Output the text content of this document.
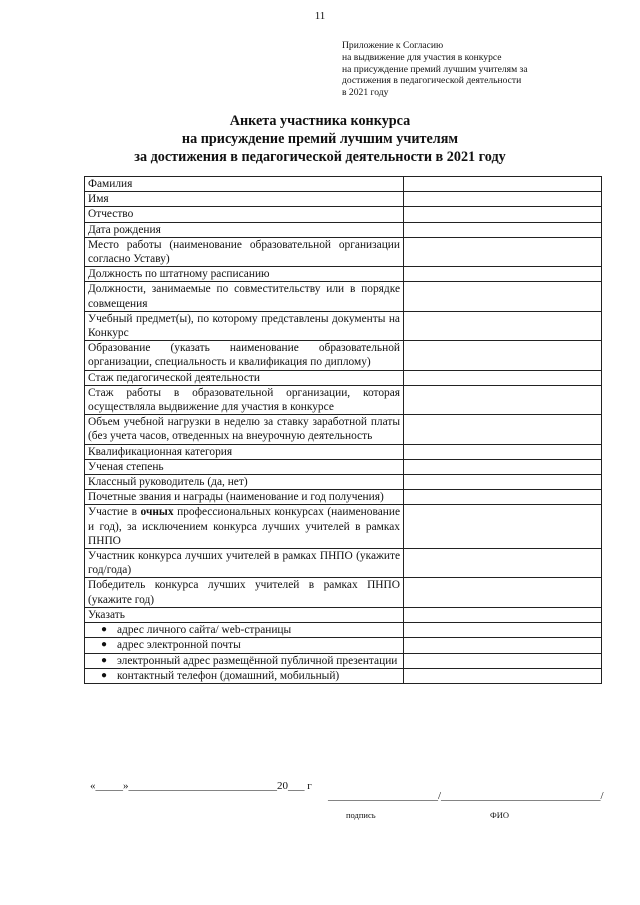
11
Приложение к Согласию
на выдвижение для участия в конкурсе
на присуждение премий лучшим учителям за
достижения в педагогической деятельности
в 2021 году
Анкета участника конкурса
на присуждение премий лучшим учителям
за достижения в педагогической деятельности в 2021 году
Фамилия	
Имя	
Отчество	
Дата рождения	
Место работы (наименование образовательной организации согласно Уставу)	
Должность по штатному расписанию	
Должности, занимаемые по совместительству или в порядке совмещения	
Учебный предмет(ы), по которому представлены документы на Конкурс	
Образование (указать наименование образовательной организации, специальность и квалификация по диплому)	
Стаж педагогической деятельности	
Стаж работы в образовательной организации, которая осуществляла выдвижение для участия в конкурсе	
Объем учебной нагрузки в неделю за ставку заработной платы (без учета часов, отведенных на внеурочную деятельность	
Квалификационная категория	
Ученая степень	
Классный руководитель (да, нет)	
Почетные звания и награды (наименование и год получения)	
Участие в очных профессиональных конкурсах (наименование и год), за исключением конкурса лучших учителей в рамках ПНПО	
Участник конкурса лучших учителей в рамках ПНПО (укажите год/года)	
Победитель конкурса лучших учителей в рамках ПНПО (укажите год)	
Указать	

● адрес личного сайта/ web-страницы	

● адрес электронной почты	

● электронный адрес размещённой публичной презентации	

● контактный телефон (домашний, мобильный)	

«_____»___________________________20___ г
____________________/_____________________________/
подпись	ФИО
